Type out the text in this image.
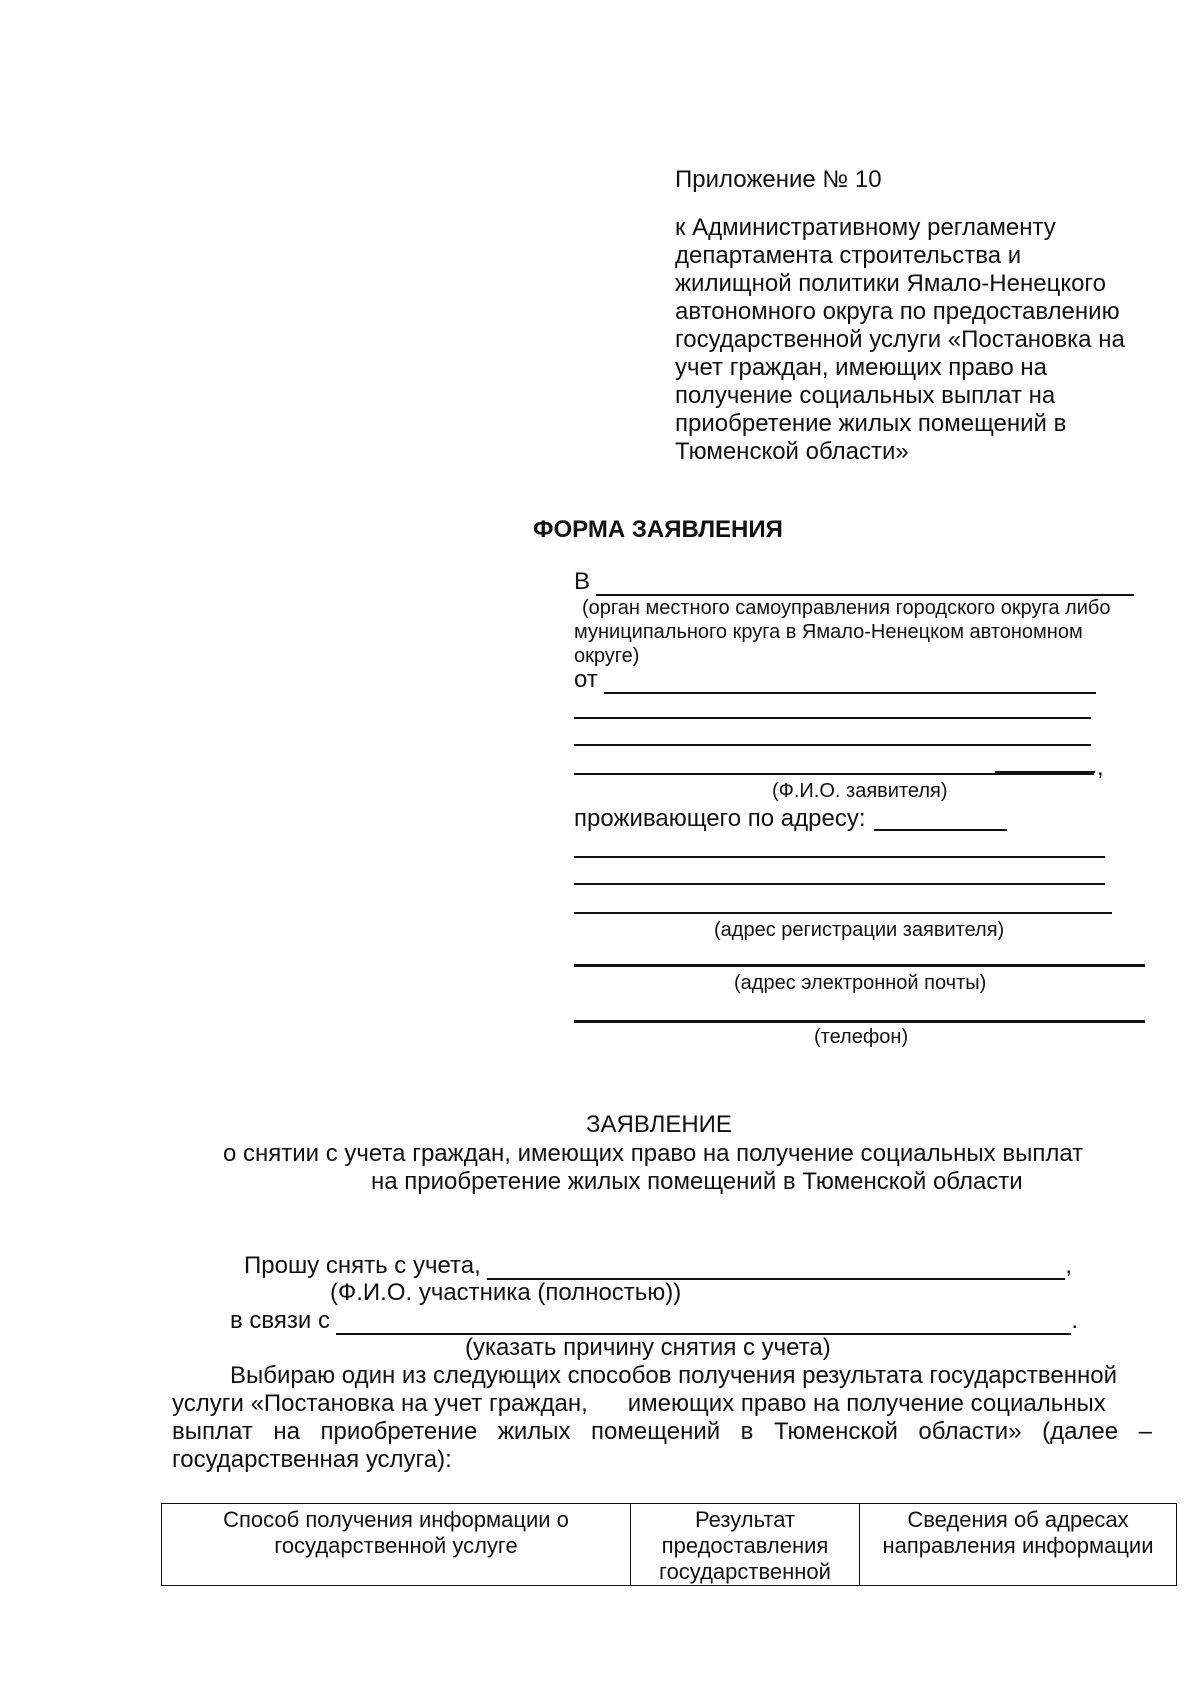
Приложение № 10
к Административному регламенту
департамента строительства и
жилищной политики Ямало-Ненецкого
автономного округа по предоставлению
государственной услуги «Постановка на
учет граждан, имеющих право на
получение социальных выплат на
приобретение жилых помещений в
Тюменской области»
ФОРМА ЗАЯВЛЕНИЯ
В
(орган местного самоуправления городского округа либо
муниципального круга в Ямало-Ненецком автономном
округе)
от
,
(Ф.И.О. заявителя)
проживающего по адресу:
(адрес регистрации заявителя)
(адрес электронной почты)
(телефон)
ЗАЯВЛЕНИЕ
о снятии с учета граждан, имеющих право на получение социальных выплат
на приобретение жилых помещений в Тюменской области
Прошу снять с учета,	,
(Ф.И.О. участника (полностью))
в связи с	.
(указать причину снятия с учета)
Выбираю один из следующих способов получения результата государственной
услуги «Постановка на учет граждан,      имеющих право на получение социальных
выплат на приобретение жилых помещений в Тюменской области» (далее –
государственная услуга):
Способ получения информации о государственной услуге	Результат предоставления государственной	Сведения об адресах направления информации
